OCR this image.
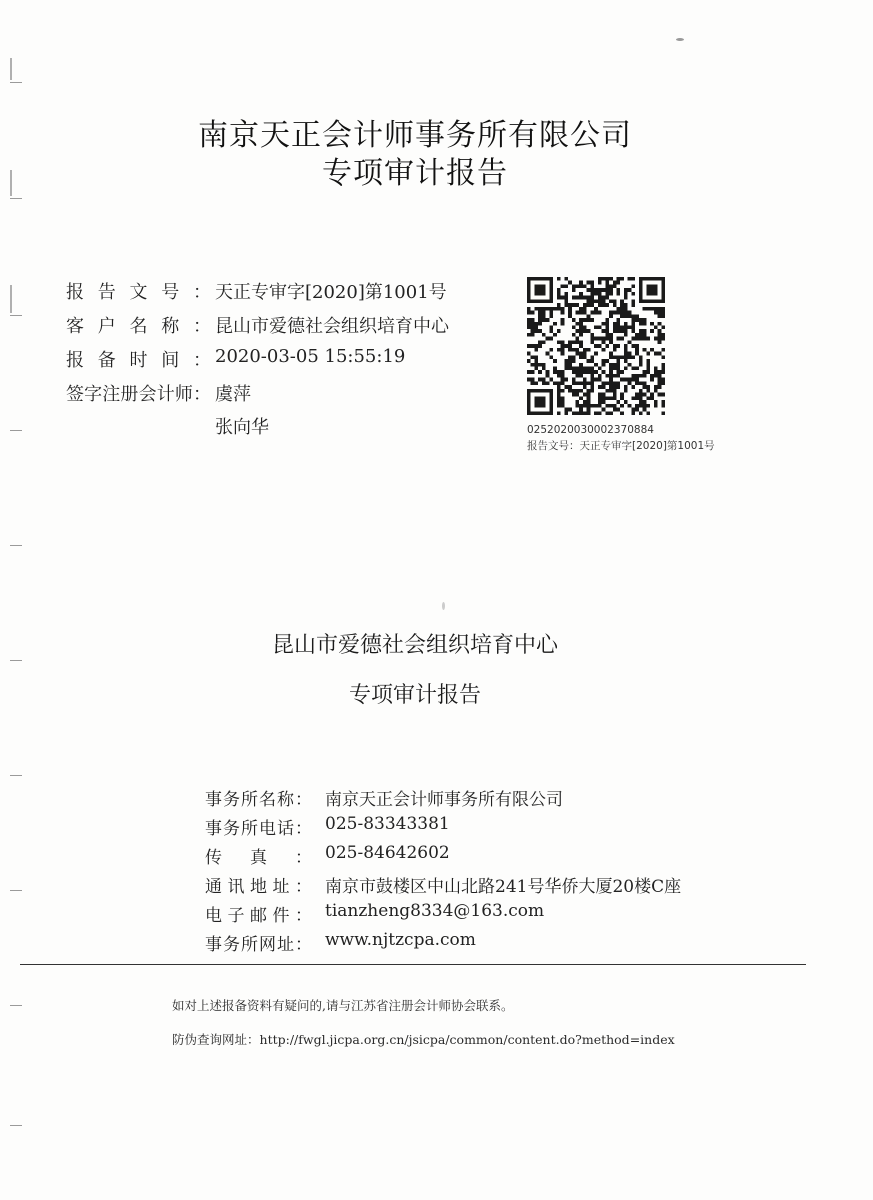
南京天正会计师事务所有限公司
专项审计报告
报 告 文 号 ： 天正专审字[2020]第1001号
客 户 名 称 ： 昆山市爱德社会组织培育中心
报 备 时 间 ： 2020-03-05 15:55:19
签 字 注 册 会 计 师 ： 虞萍
张向华	0252020030002370884
报告文号：天正专审字[2020]第1001号
昆山市爱德社会组织培育中心
专项审计报告
事 务 所 名 称 ： 南京天正会计师事务所有限公司
事 务 所 电 话 ： 025-83343381
传 真 ： 025-84642602
通 讯 地 址 ： 南京市鼓楼区中山北路241号华侨大厦20楼C座
电 子 邮 件 ： tianzheng8334@163.com
事 务 所 网 址 ： www.njtzcpa.com
如对上述报备资料有疑问的,请与江苏省注册会计师协会联系。
防伪查询网址：http://fwgl.jicpa.org.cn/jsicpa/common/content.do?method=index
